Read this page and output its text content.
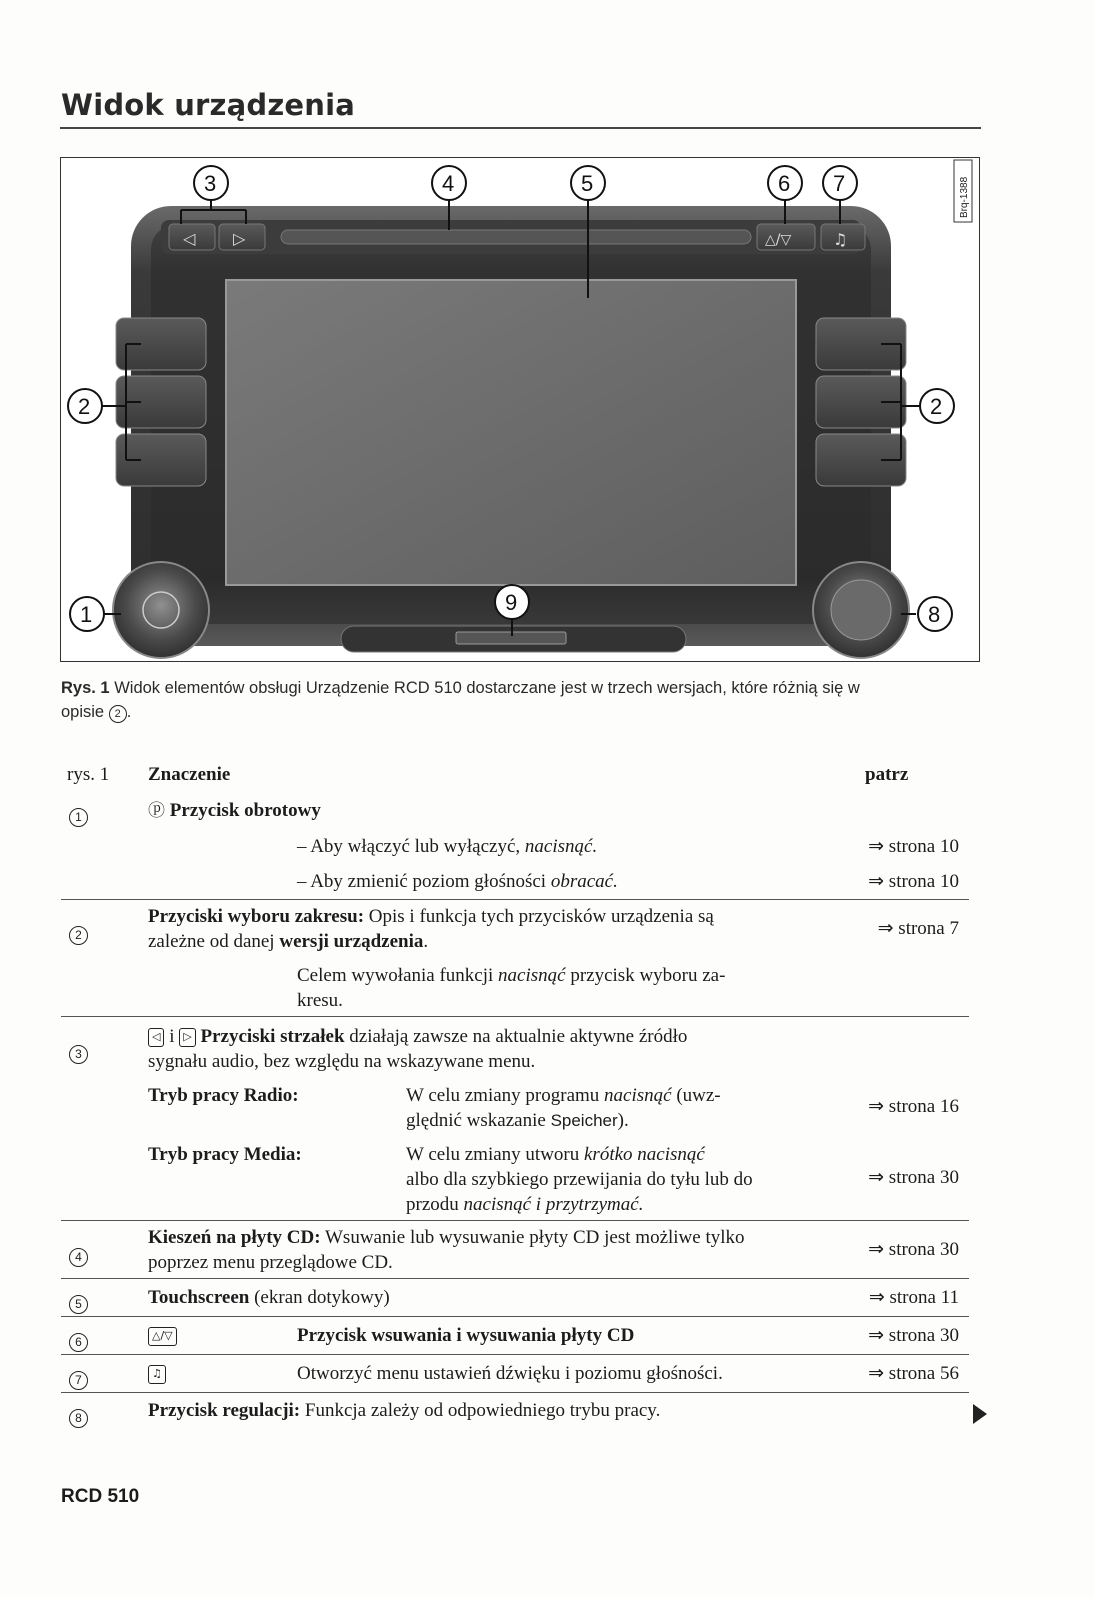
Widok urządzenia
◁ ▷	△/▽	♫
3	4	5	6 7
2	2
1	8
9
Brq-1388
Rys. 1 Widok elementów obsługi Urządzenie RCD 510 dostarczane jest w trzech wersjach, które różnią się w
opisie 2 .
rys. 1 Znaczenie	patrz
1	ⓟ Przycisk obrotowy
– Aby włączyć lub wyłączyć, nacisnąć.	⇒ strona 10
– Aby zmienić poziom głośności obracać.	⇒ strona 10
2
Przyciski wyboru zakresu: Opis i funkcja tych przycisków urządzenia są
zależne od danej wersji urządzenia.
⇒ strona 7
Celem wywołania funkcji nacisnąć przycisk wyboru za-
kresu.
3
◁ i ▷ Przyciski strzałek działają zawsze na aktualnie aktywne źródło
sygnału audio, bez względu na wskazywane menu.
Tryb pracy Radio:	W celu zmiany programu nacisnąć (uwz-
ględnić wskazanie Speicher).
⇒ strona 16
Tryb pracy Media:	W celu zmiany utworu krótko nacisnąć
albo dla szybkiego przewijania do tyłu lub do
przodu nacisnąć i przytrzymać.
⇒ strona 30
4
Kieszeń na płyty CD: Wsuwanie lub wysuwanie płyty CD jest możliwe tylko
poprzez menu przeglądowe CD.
⇒ strona 30
5	Touchscreen (ekran dotykowy)	⇒ strona 11
6	△/▽	Przycisk wsuwania i wysuwania płyty CD	⇒ strona 30
7	♫	Otworzyć menu ustawień dźwięku i poziomu głośności.	⇒ strona 56
8	Przycisk regulacji: Funkcja zależy od odpowiedniego trybu pracy.
RCD 510
